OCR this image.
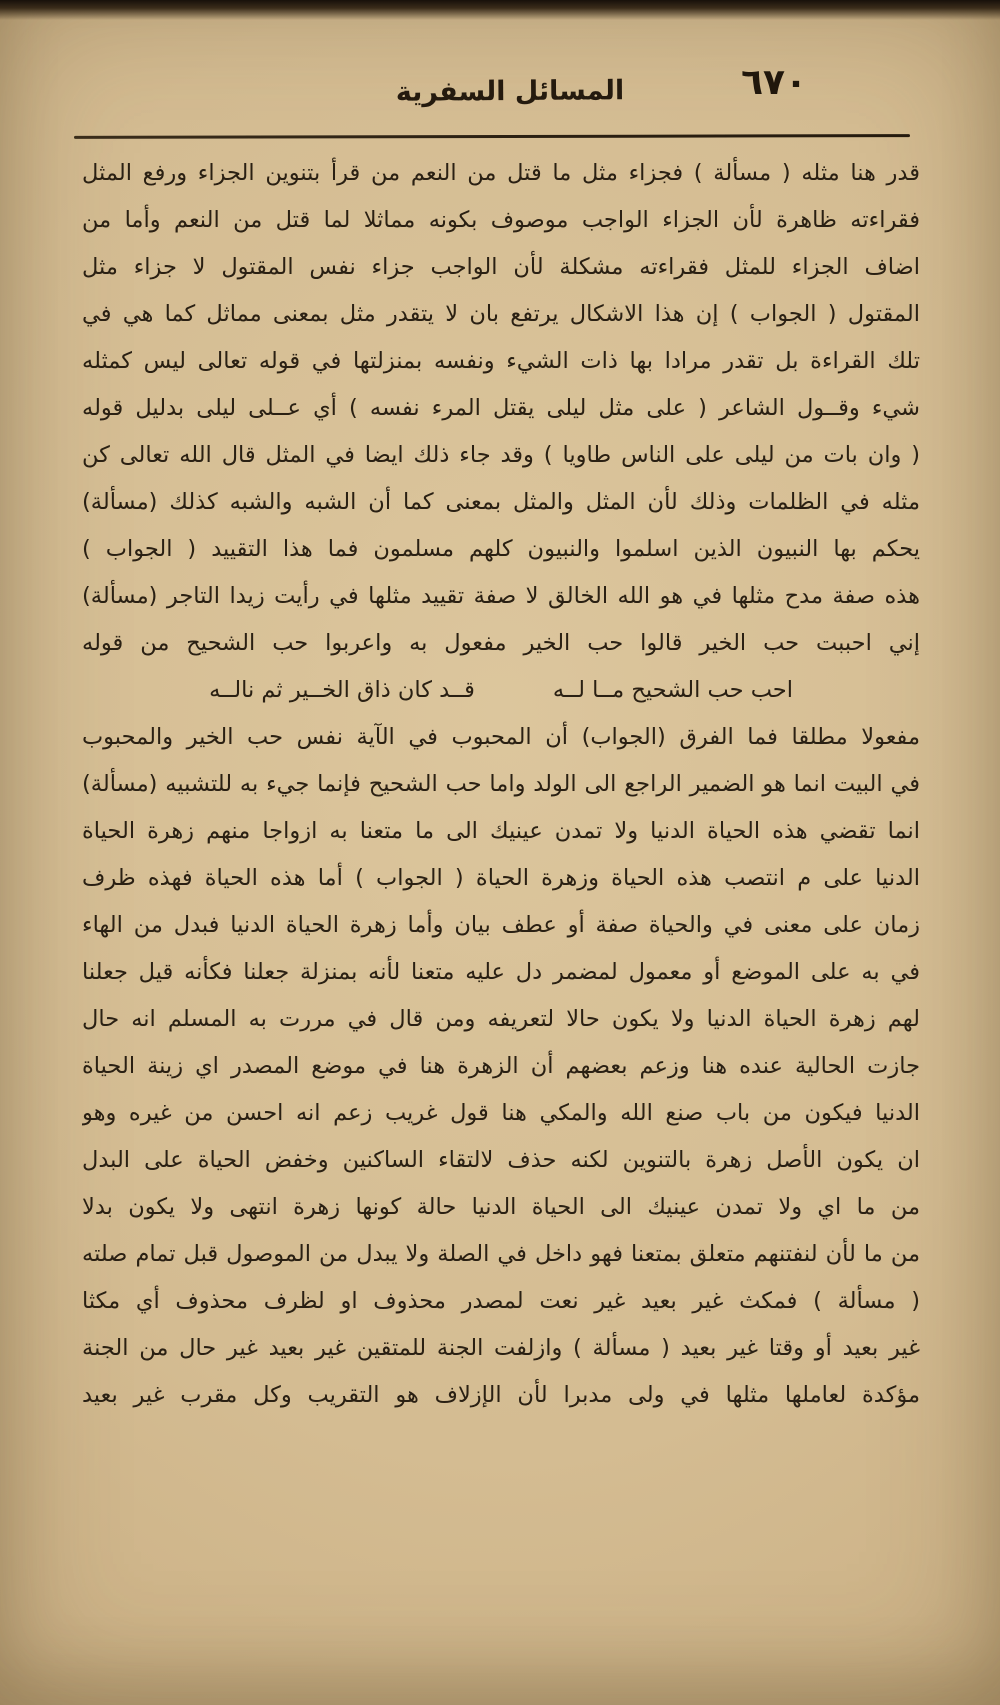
٦٧٠
المسائل السفرية

قدر هنا مثله ( مسألة ) فجزاء مثل ما قتل من النعم من قرأ بتنوين الجزاء ورفع المثل

فقراءته ظاهرة لأن الجزاء الواجب موصوف بكونه مماثلا لما قتل من النعم وأما من

اضاف الجزاء للمثل فقراءته مشكلة لأن الواجب جزاء نفس المقتول لا جزاء مثل

المقتول ( الجواب ) إن هذا الاشكال يرتفع بان لا يتقدر مثل بمعنى مماثل كما هي في

تلك القراءة بل تقدر مرادا بها ذات الشيء ونفسه بمنزلتها في قوله تعالى ليس كمثله

شيء وقــول الشاعر ( على مثل ليلى يقتل المرء نفسه ) أي عــلى ليلى بدليل قوله

( وان بات من ليلى على الناس طاويا ) وقد جاء ذلك ايضا في المثل قال الله تعالى كن

مثله في الظلمات وذلك لأن المثل والمثل بمعنى كما أن الشبه والشبه كذلك (مسألة)

يحكم بها النبيون الذين اسلموا والنبيون كلهم مسلمون فما هذا التقييد ( الجواب )

هذه صفة مدح مثلها في هو الله الخالق لا صفة تقييد مثلها في رأيت زيدا التاجر (مسألة)

إني احببت حب الخير قالوا حب الخير مفعول به واعربوا حب الشحيح من قوله

احب حب الشحيح مــا لــه
قــد كان ذاق الخــير ثم نالــه

مفعولا مطلقا فما الفرق (الجواب) أن المحبوب في الآية نفس حب الخير والمحبوب

في البيت انما هو الضمير الراجع الى الولد واما حب الشحيح فإنما جيء به للتشبيه (مسألة)

انما تقضي هذه الحياة الدنيا ولا تمدن عينيك الى ما متعنا به ازواجا منهم زهرة الحياة

الدنيا على م انتصب هذه الحياة وزهرة الحياة ( الجواب ) أما هذه الحياة فهذه ظرف

زمان على معنى في والحياة صفة أو عطف بيان وأما زهرة الحياة الدنيا فبدل من الهاء

في به على الموضع أو معمول لمضمر دل عليه متعنا لأنه بمنزلة جعلنا فكأنه قيل جعلنا

لهم زهرة الحياة الدنيا ولا يكون حالا لتعريفه ومن قال في مررت به المسلم انه حال

جازت الحالية عنده هنا وزعم بعضهم أن الزهرة هنا في موضع المصدر اي زينة الحياة

الدنيا فيكون من باب صنع الله والمكي هنا قول غريب زعم انه احسن من غيره وهو

ان يكون الأصل زهرة بالتنوين لكنه حذف لالتقاء الساكنين وخفض الحياة على البدل

من ما اي ولا تمدن عينيك الى الحياة الدنيا حالة كونها زهرة انتهى ولا يكون بدلا

من ما لأن لنفتنهم متعلق بمتعنا فهو داخل في الصلة ولا يبدل من الموصول قبل تمام صلته

( مسألة ) فمكث غير بعيد غير نعت لمصدر محذوف او لظرف محذوف أي مكثا

غير بعيد أو وقتا غير بعيد ( مسألة ) وازلفت الجنة للمتقين غير بعيد غير حال من الجنة

مؤكدة لعاملها مثلها في ولى مدبرا لأن الإزلاف هو التقريب وكل مقرب غير بعيد
